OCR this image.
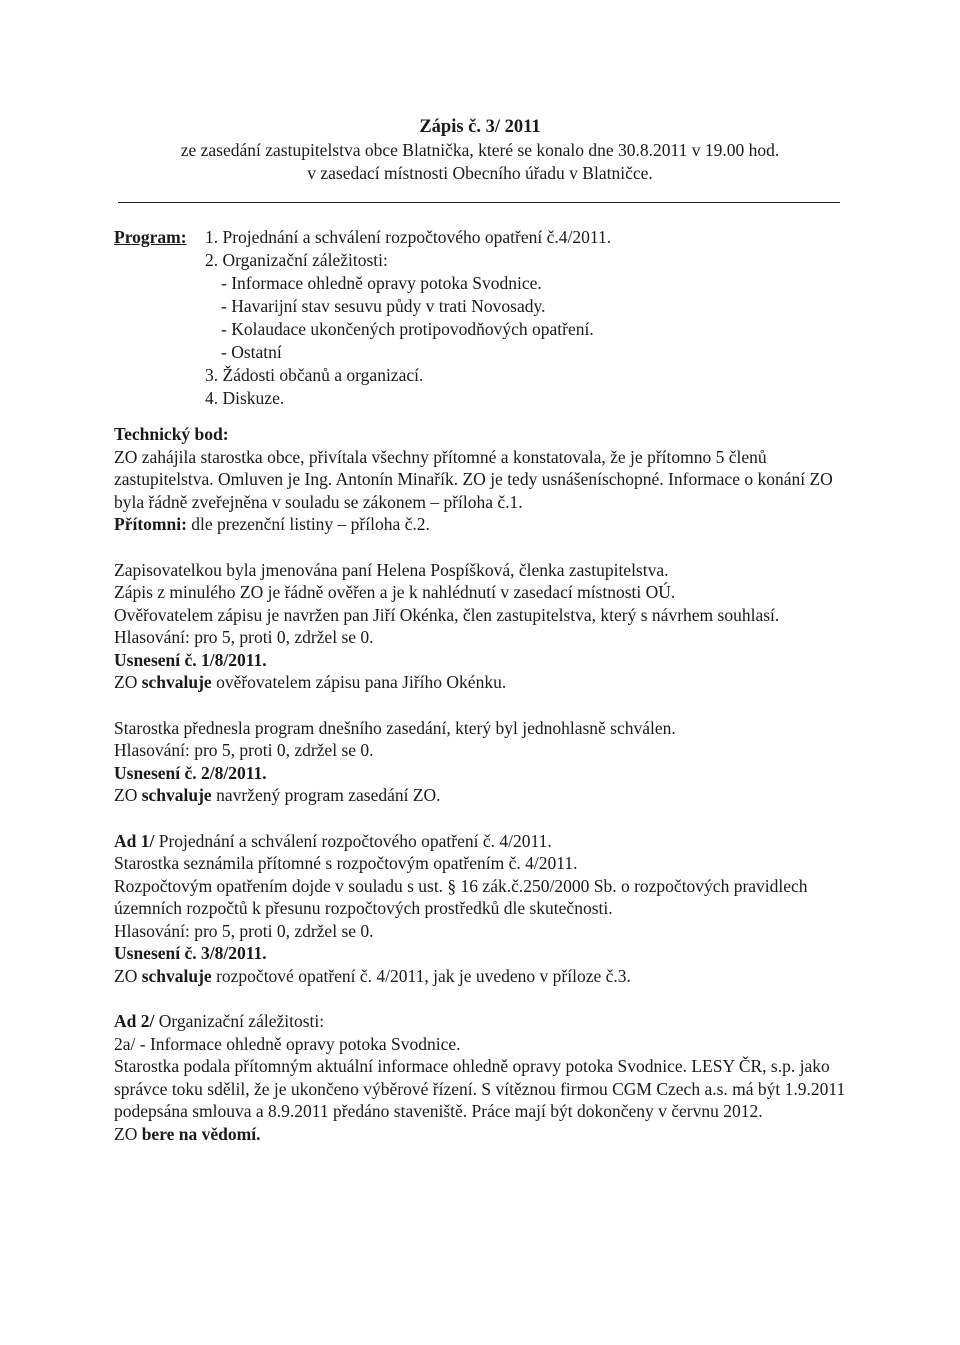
Zápis č. 3/ 2011
ze zasedání zastupitelstva obce Blatnička, které se konalo dne 30.8.2011 v 19.00 hod.
v zasedací místnosti Obecního úřadu v Blatničce.
Program: 1. Projednání a schválení rozpočtového opatření č.4/2011.
2. Organizační záležitosti:
- Informace ohledně opravy potoka Svodnice.
- Havarijní stav sesuvu půdy v trati Novosady.
- Kolaudace ukončených protipovodňových opatření.
- Ostatní
3. Žádosti občanů a organizací.
4. Diskuze.

Technický bod:

ZO zahájila starostka obce, přivítala všechny přítomné a konstatovala, že je přítomno 5 členů zastupitelstva. Omluven je Ing. Antonín Minařík. ZO je tedy usnášeníschopné. Informace o konání ZO byla řádně zveřejněna v souladu se zákonem – příloha č.1.

Přítomni: dle prezenční listiny – příloha č.2.

Zapisovatelkou byla jmenována paní Helena Pospíšková, členka zastupitelstva.

Zápis z minulého ZO je řádně ověřen a je k nahlédnutí v zasedací místnosti OÚ.

Ověřovatelem zápisu je navržen pan Jiří Okénka, člen zastupitelstva, který s návrhem souhlasí.

Hlasování: pro 5, proti 0, zdržel se 0.

Usnesení č. 1/8/2011.

ZO schvaluje ověřovatelem zápisu pana Jiřího Okénku.

Starostka přednesla program dnešního zasedání, který byl jednohlasně schválen.

Hlasování: pro 5, proti 0, zdržel se 0.

Usnesení č. 2/8/2011.

ZO schvaluje navržený program zasedání ZO.

Ad 1/ Projednání a schválení rozpočtového opatření č. 4/2011.

Starostka seznámila přítomné s rozpočtovým opatřením č. 4/2011.

Rozpočtovým opatřením dojde v souladu s ust. § 16 zák.č.250/2000 Sb. o rozpočtových pravidlech územních rozpočtů k přesunu rozpočtových prostředků dle skutečnosti.

Hlasování: pro 5, proti 0, zdržel se 0.

Usnesení č. 3/8/2011.

ZO schvaluje rozpočtové opatření č. 4/2011, jak je uvedeno v příloze č.3.

Ad 2/ Organizační záležitosti:

2a/ - Informace ohledně opravy potoka Svodnice.

Starostka podala přítomným aktuální informace ohledně opravy potoka Svodnice. LESY ČR, s.p. jako správce toku sdělil, že je ukončeno výběrové řízení. S vítěznou firmou CGM Czech a.s. má být 1.9.2011 podepsána smlouva a 8.9.2011 předáno staveniště. Práce mají být dokončeny v červnu 2012.

ZO bere na vědomí.
